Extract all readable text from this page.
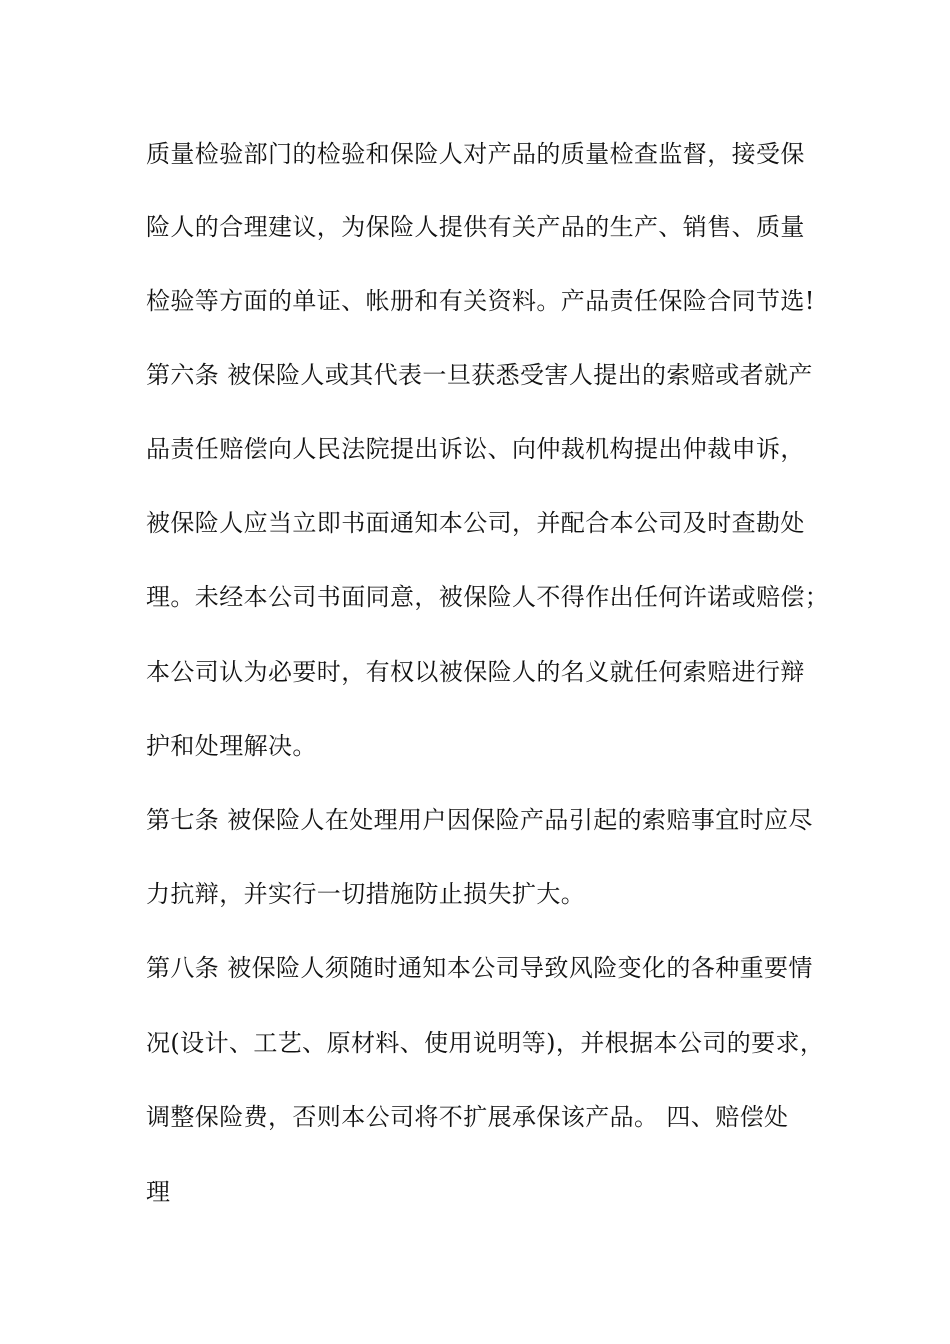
质量检验部门的检验和保险人对产品的质量检查监督，接受保
险人的合理建议，为保险人提供有关产品的生产、销售、质量
检验等方面的单证、帐册和有关资料。产品责任保险合同节选!
第六条 被保险人或其代表一旦获悉受害人提出的索赔或者就产
品责任赔偿向人民法院提出诉讼、向仲裁机构提出仲裁申诉，
被保险人应当立即书面通知本公司，并配合本公司及时查勘处
理。未经本公司书面同意，被保险人不得作出任何许诺或赔偿；
本公司认为必要时，有权以被保险人的名义就任何索赔进行辩
护和处理解决。
第七条 被保险人在处理用户因保险产品引起的索赔事宜时应尽
力抗辩，并实行一切措施防止损失扩大。
第八条 被保险人须随时通知本公司导致风险变化的各种重要情
况(设计、工艺、原材料、使用说明等)，并根据本公司的要求，
调整保险费，否则本公司将不扩展承保该产品。 四、赔偿处
理
